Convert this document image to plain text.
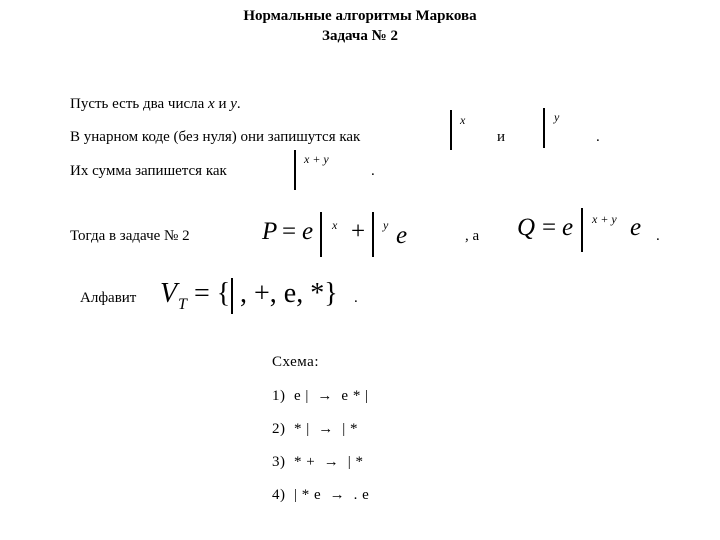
Нормальные алгоритмы Маркова
Задача № 2
Пусть есть два числа x и y.
В унарном коде (без нуля) они запишутся как
x
и
y
.
Их сумма запишется как
x + y
.
Тогда в задаче № 2	P = e x + y e	, а Q = e x + y e .
Алфавит V T = { , +, e, *} .
Схема:
1) e | → e * |
2) * | → | *
3) * + → | *
4) | * e → . e
